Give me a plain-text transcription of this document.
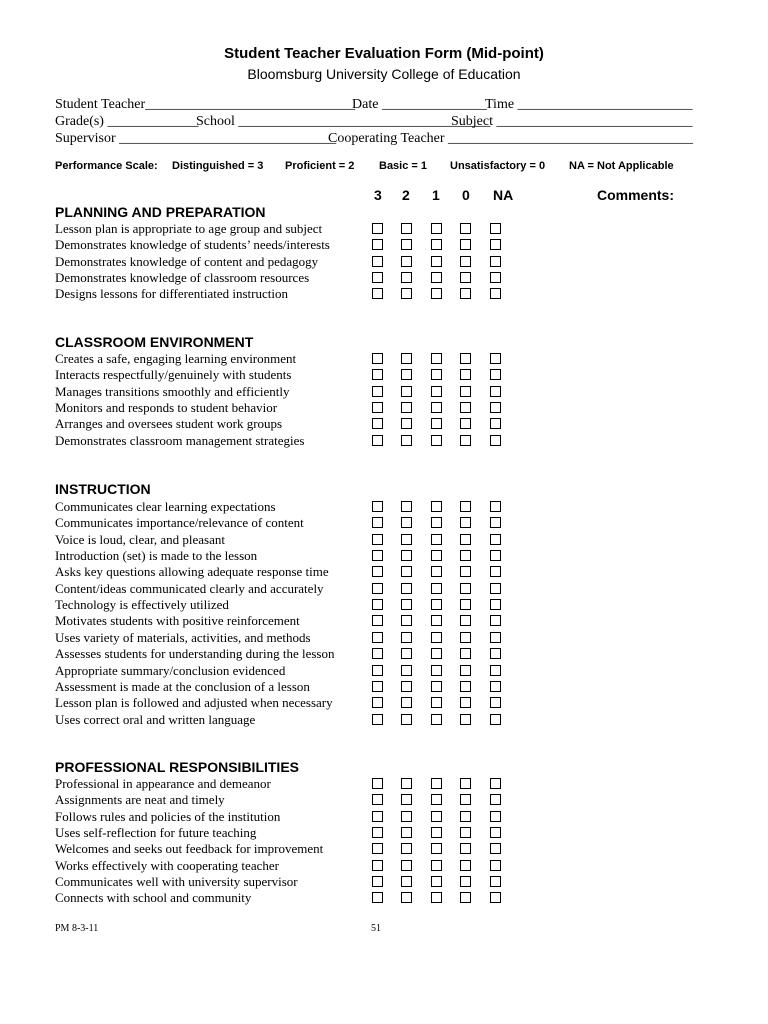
Student Teacher Evaluation Form (Mid-point)
Bloomsburg University College of Education
Student Teacher______________________________
Date _______________
Time _________________________
Grade(s) _____________
School ____________________________________
Subject ____________________________
Supervisor _______________________________
Cooperating Teacher ___________________________________
Performance Scale: Distinguished = 3 Proficient = 2 Basic = 1 Unsatisfactory = 0 NA = Not Applicable
3 2 1 0 NA	Comments:
PLANNING AND PREPARATION
Lesson plan is appropriate to age group and subject
Demonstrates knowledge of students’ needs/interests
Demonstrates knowledge of content and pedagogy
Demonstrates knowledge of classroom resources
Designs lessons for differentiated instruction
CLASSROOM ENVIRONMENT
Creates a safe, engaging learning environment
Interacts respectfully/genuinely with students
Manages transitions smoothly and efficiently
Monitors and responds to student behavior
Arranges and oversees student work groups
Demonstrates classroom management strategies
INSTRUCTION
Communicates clear learning expectations
Communicates importance/relevance of content
Voice is loud, clear, and pleasant
Introduction (set) is made to the lesson
Asks key questions allowing adequate response time
Content/ideas communicated clearly and accurately
Technology is effectively utilized
Motivates students with positive reinforcement
Uses variety of materials, activities, and methods
Assesses students for understanding during the lesson
Appropriate summary/conclusion evidenced
Assessment is made at the conclusion of a lesson
Lesson plan is followed and adjusted when necessary
Uses correct oral and written language
PROFESSIONAL RESPONSIBILITIES
Professional in appearance and demeanor
Assignments are neat and timely
Follows rules and policies of the institution
Uses self-reflection for future teaching
Welcomes and seeks out feedback for improvement
Works effectively with cooperating teacher
Communicates well with university supervisor
Connects with school and community
PM 8-3-11	51
